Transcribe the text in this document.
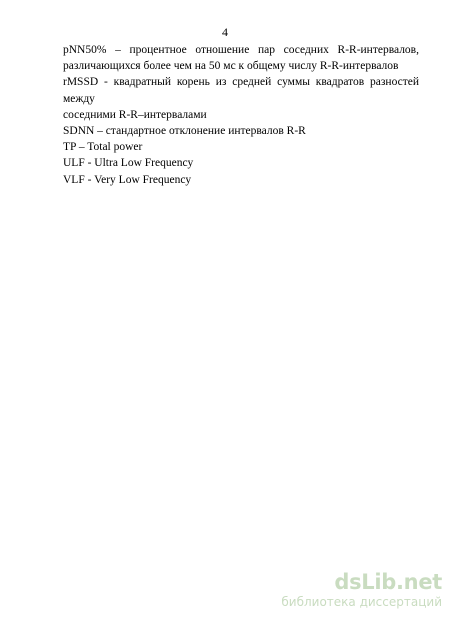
4

pNN50% – процентное отношение пар соседних R-R-интервалов,
различающихся более чем на 50 мс к общему числу R-R-интервалов

rMSSD - квадратный корень из средней суммы квадратов разностей между
соседними R-R–интервалами

SDNN – стандартное отклонение интервалов R-R

TP – Total power

ULF - Ultra Low Frequency

VLF - Very Low Frequency

dsLib.net
библиотека диссертаций
